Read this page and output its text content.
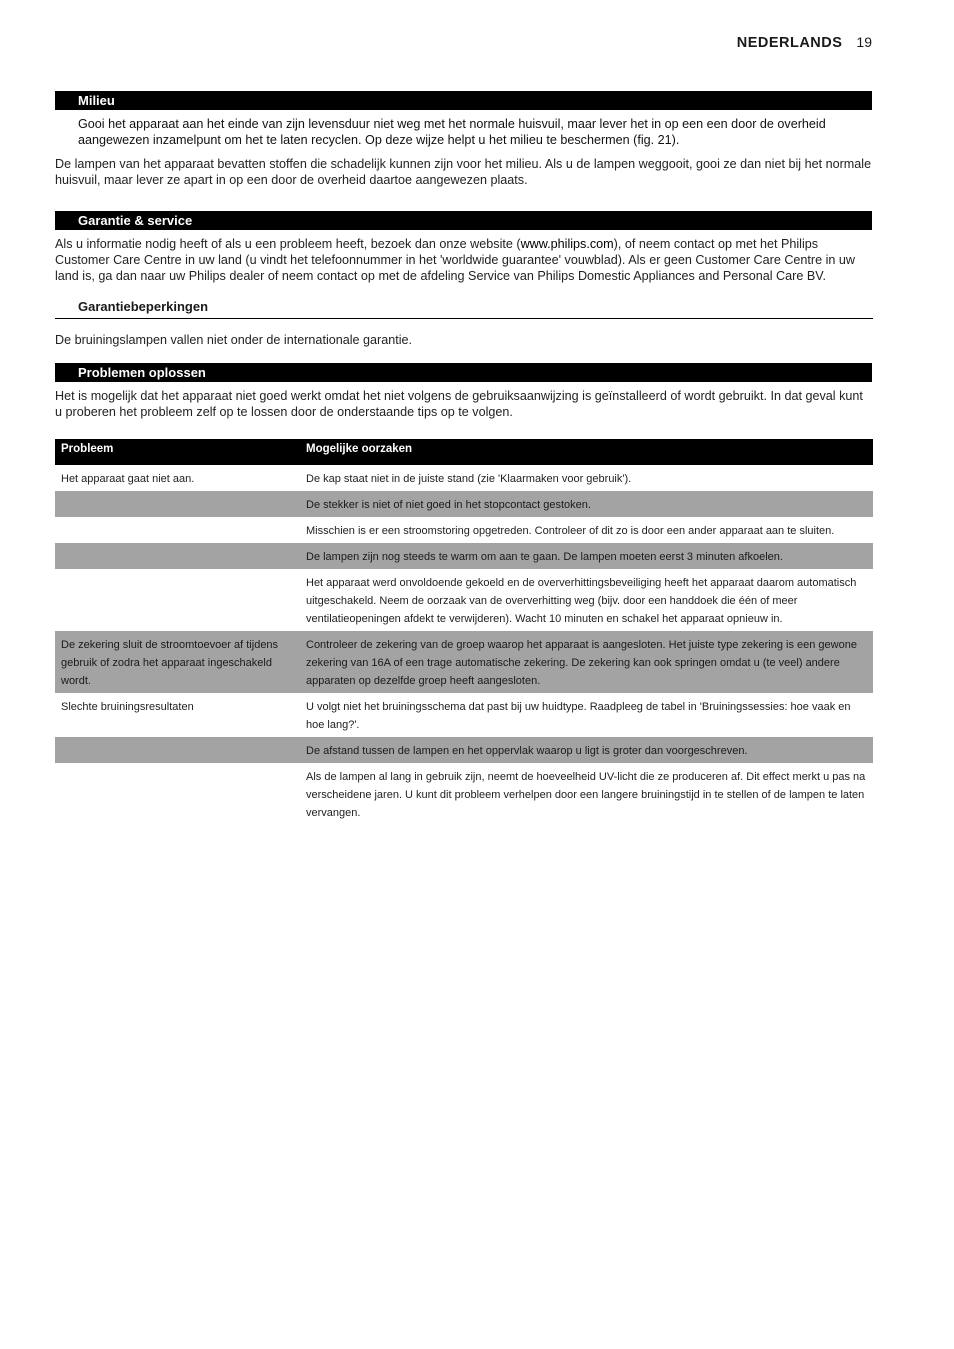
NEDERLANDS 19
Milieu
Gooi het apparaat aan het einde van zijn levensduur niet weg met het normale huisvuil, maar lever het in op een een door de overheid aangewezen inzamelpunt om het te laten recyclen. Op deze wijze helpt u het milieu te beschermen (fig. 21).
De lampen van het apparaat bevatten stoffen die schadelijk kunnen zijn voor het milieu. Als u de lampen weggooit, gooi ze dan niet bij het normale huisvuil, maar lever ze apart in op een door de overheid daartoe aangewezen plaats.
Garantie & service
Als u informatie nodig heeft of als u een probleem heeft, bezoek dan onze website (www.philips.com), of neem contact op met het Philips Customer Care Centre in uw land (u vindt het telefoonnummer in het 'worldwide guarantee' vouwblad). Als er geen Customer Care Centre in uw land is, ga dan naar uw Philips dealer of neem contact op met de afdeling Service van Philips Domestic Appliances and Personal Care BV.
Garantiebeperkingen
De bruiningslampen vallen niet onder de internationale garantie.
Problemen oplossen
Het is mogelijk dat het apparaat niet goed werkt omdat het niet volgens de gebruiksaanwijzing is geïnstalleerd of wordt gebruikt. In dat geval kunt u proberen het probleem zelf op te lossen door de onderstaande tips op te volgen.
Probleem	Mogelijke oorzaken
Het apparaat gaat niet aan.	De kap staat niet in de juiste stand (zie 'Klaarmaken voor gebruik').
	De stekker is niet of niet goed in het stopcontact gestoken.
	Misschien is er een stroomstoring opgetreden. Controleer of dit zo is door een ander apparaat aan te sluiten.
	De lampen zijn nog steeds te warm om aan te gaan. De lampen moeten eerst 3 minuten afkoelen.
	Het apparaat werd onvoldoende gekoeld en de oververhittingsbeveiliging heeft het apparaat daarom automatisch uitgeschakeld. Neem de oorzaak van de oververhitting weg (bijv. door een handdoek die één of meer ventilatieopeningen afdekt te verwijderen). Wacht 10 minuten en schakel het apparaat opnieuw in.
De zekering sluit de stroomtoevoer af tijdens gebruik of zodra het apparaat ingeschakeld wordt.	Controleer de zekering van de groep waarop het apparaat is aangesloten. Het juiste type zekering is een gewone zekering van 16A of een trage automatische zekering. De zekering kan ook springen omdat u (te veel) andere apparaten op dezelfde groep heeft aangesloten.
Slechte bruiningsresultaten	U volgt niet het bruiningsschema dat past bij uw huidtype. Raadpleeg de tabel in 'Bruiningssessies: hoe vaak en hoe lang?'.
	De afstand tussen de lampen en het oppervlak waarop u ligt is groter dan voorgeschreven.
	Als de lampen al lang in gebruik zijn, neemt de hoeveelheid UV-licht die ze produceren af. Dit effect merkt u pas na verscheidene jaren. U kunt dit probleem verhelpen door een langere bruiningstijd in te stellen of de lampen te laten vervangen.
